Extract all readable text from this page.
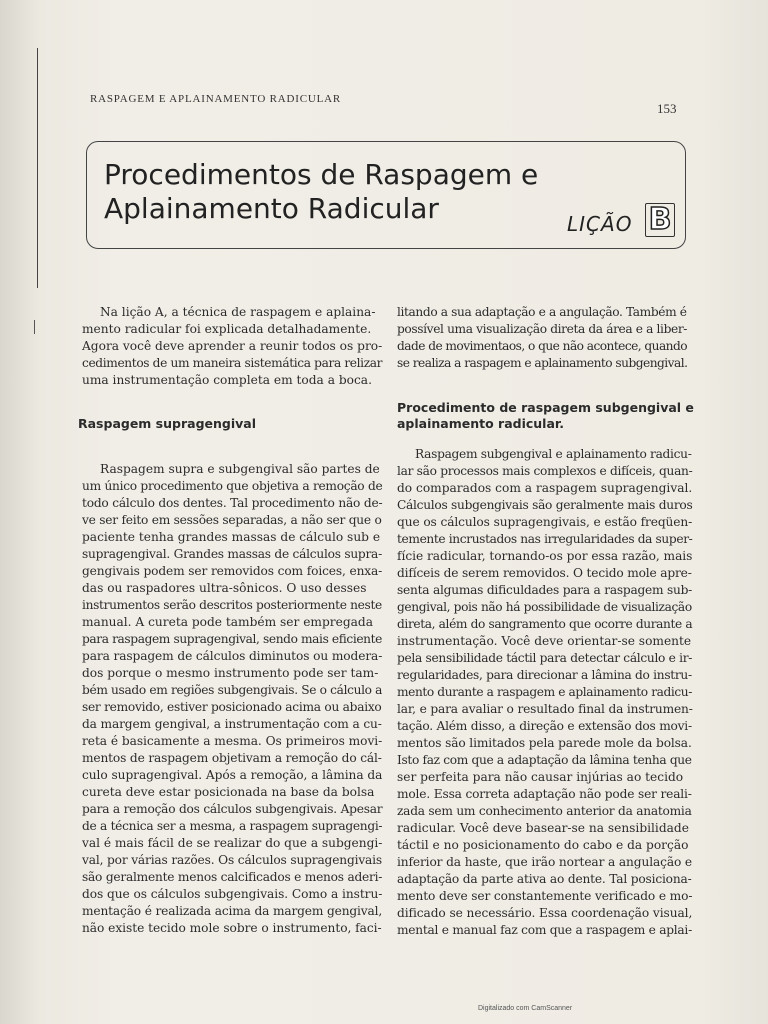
RASPAGEM E APLAINAMENTO RADICULAR
153
Procedimentos de Raspagem e
Aplainamento Radicular	LIÇÃO B
Na lição A, a técnica de raspagem e aplaina-
mento radicular foi explicada detalhadamente.
Agora você deve aprender a reunir todos os pro-
cedimentos de um maneira sistemática para relizar
uma instrumentação completa em toda a boca.
Raspagem supragengival
Raspagem supra e subgengival são partes de
um único procedimento que objetiva a remoção de
todo cálculo dos dentes. Tal procedimento não de-
ve ser feito em sessões separadas, a não ser que o
paciente tenha grandes massas de cálculo sub e
supragengival. Grandes massas de cálculos supra-
gengivais podem ser removidos com foices, enxa-
das ou raspadores ultra-sônicos. O uso desses
instrumentos serão descritos posteriormente neste
manual. A cureta pode também ser empregada
para raspagem supragengival, sendo mais eficiente
para raspagem de cálculos diminutos ou modera-
dos porque o mesmo instrumento pode ser tam-
bém usado em regiões subgengivais. Se o cálculo a
ser removido, estiver posicionado acima ou abaixo
da margem gengival, a instrumentação com a cu-
reta é basicamente a mesma. Os primeiros movi-
mentos de raspagem objetivam a remoção do cál-
culo supragengival. Após a remoção, a lâmina da
cureta deve estar posicionada na base da bolsa
para a remoção dos cálculos subgengivais. Apesar
de a técnica ser a mesma, a raspagem supragengi-
val é mais fácil de se realizar do que a subgengi-
val, por várias razões. Os cálculos supragengivais
são geralmente menos calcificados e menos aderi-
dos que os cálculos subgengivais. Como a instru-
mentação é realizada acima da margem gengival,
não existe tecido mole sobre o instrumento, faci-
litando a sua adaptação e a angulação. Também é
possível uma visualização direta da área e a liber-
dade de movimentaos, o que não acontece, quando
se realiza a raspagem e aplainamento subgengival.
Procedimento de raspagem subgengival e
aplainamento radicular.
Raspagem subgengival e aplainamento radicu-
lar são processos mais complexos e difíceis, quan-
do comparados com a raspagem supragengival.
Cálculos subgengivais são geralmente mais duros
que os cálculos supragengivais, e estão freqüen-
temente incrustados nas irregularidades da super-
fície radicular, tornando-os por essa razão, mais
difíceis de serem removidos. O tecido mole apre-
senta algumas dificuldades para a raspagem sub-
gengival, pois não há possibilidade de visualização
direta, além do sangramento que ocorre durante a
instrumentação. Você deve orientar-se somente
pela sensibilidade táctil para detectar cálculo e ir-
regularidades, para direcionar a lâmina do instru-
mento durante a raspagem e aplainamento radicu-
lar, e para avaliar o resultado final da instrumen-
tação. Além disso, a direção e extensão dos movi-
mentos são limitados pela parede mole da bolsa.
Isto faz com que a adaptação da lâmina tenha que
ser perfeita para não causar injúrias ao tecido
mole. Essa correta adaptação não pode ser reali-
zada sem um conhecimento anterior da anatomia
radicular. Você deve basear-se na sensibilidade
táctil e no posicionamento do cabo e da porção
inferior da haste, que irão nortear a angulação e
adaptação da parte ativa ao dente. Tal posiciona-
mento deve ser constantemente verificado e mo-
dificado se necessário. Essa coordenação visual,
mental e manual faz com que a raspagem e aplai-
Digitalizado com CamScanner
